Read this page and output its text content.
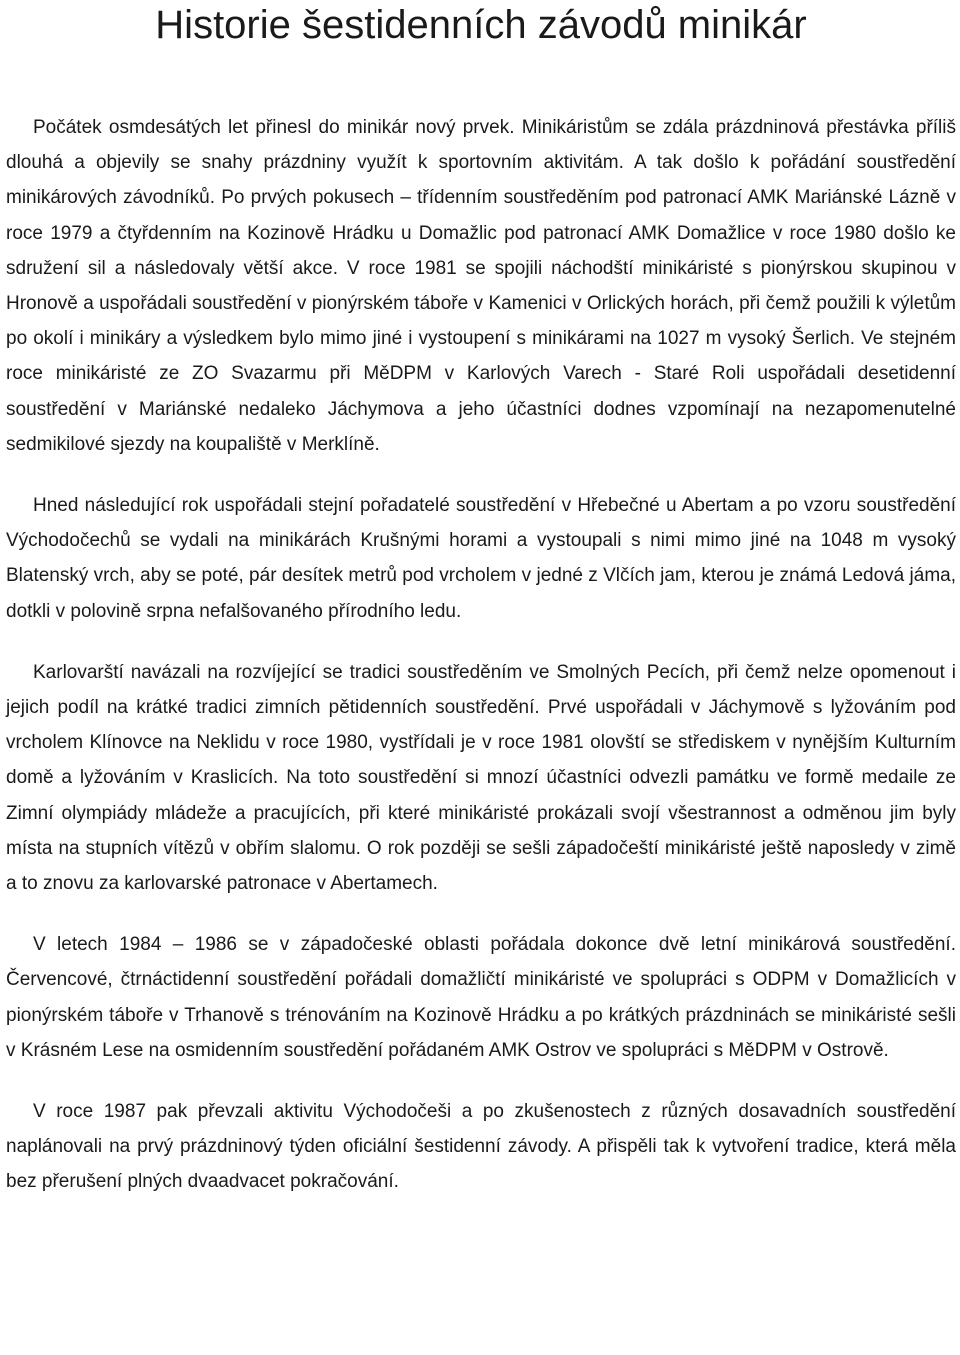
Historie šestidenních závodů minikár

Počátek osmdesátých let přinesl do minikár nový prvek. Minikáristům se zdála prázdninová přestávka příliš dlouhá a objevily se snahy prázdniny využít k sportovním aktivitám. A tak došlo k pořádání soustředění minikárových závodníků. Po prvých pokusech – třídenním soustředěním pod patronací AMK Mariánské Lázně v roce 1979 a čtyřdenním na Kozinově Hrádku u Domažlic pod patronací AMK Domažlice v roce 1980 došlo ke sdružení sil a následovaly větší akce. V roce 1981 se spojili náchodští minikáristé s pionýrskou skupinou v Hronově a uspořádali soustředění v pionýrském táboře v Kamenici v Orlických horách, při čemž použili k výletům po okolí i minikáry a výsledkem bylo mimo jiné i vystoupení s minikárami na 1027 m vysoký Šerlich. Ve stejném roce minikáristé ze ZO Svazarmu při MěDPM v Karlových Varech - Staré Roli uspořádali desetidenní soustředění v Mariánské nedaleko Jáchymova a jeho účastníci dodnes vzpomínají na nezapomenutelné sedmikilové sjezdy na koupaliště v Merklíně.

Hned následující rok uspořádali stejní pořadatelé soustředění v Hřebečné u Abertam a po vzoru soustředění Východočechů se vydali na minikárách Krušnými horami a vystoupali s nimi mimo jiné na 1048 m vysoký Blatenský vrch, aby se poté, pár desítek metrů pod vrcholem v jedné z Vlčích jam, kterou je známá Ledová jáma, dotkli v polovině srpna nefalšovaného přírodního ledu.

Karlovarští navázali na rozvíjející se tradici soustředěním ve Smolných Pecích, při čemž nelze opomenout i jejich podíl na krátké tradici zimních pětidenních soustředění. Prvé uspořádali v Jáchymově s lyžováním pod vrcholem Klínovce na Neklidu v roce 1980, vystřídali je v roce 1981 olovští se střediskem v nynějším Kulturním domě a lyžováním v Kraslicích. Na toto soustředění si mnozí účastníci odvezli památku ve formě medaile ze Zimní olympiády mládeže a pracujících, při které minikáristé prokázali svojí všestrannost a odměnou jim byly místa na stupních vítězů v obřím slalomu. O rok později se sešli západočeští minikáristé ještě naposledy v zimě a to znovu za karlovarské patronace v Abertamech.

V letech 1984 – 1986 se v západočeské oblasti pořádala dokonce dvě letní minikárová soustředění. Červencové, čtrnáctidenní soustředění pořádali domažličtí minikáristé ve spolupráci s ODPM v Domažlicích v pionýrském táboře v Trhanově s trénováním na Kozinově Hrádku a po krátkých prázdninách se minikáristé sešli v Krásném Lese na osmidenním soustředění pořádaném AMK Ostrov ve spolupráci s MěDPM v Ostrově.

V roce 1987 pak převzali aktivitu Východočeši a po zkušenostech z různých dosavadních soustředění naplánovali na prvý prázdninový týden oficiální šestidenní závody. A přispěli tak k vytvoření tradice, která měla bez přerušení plných dvaadvacet pokračování.
